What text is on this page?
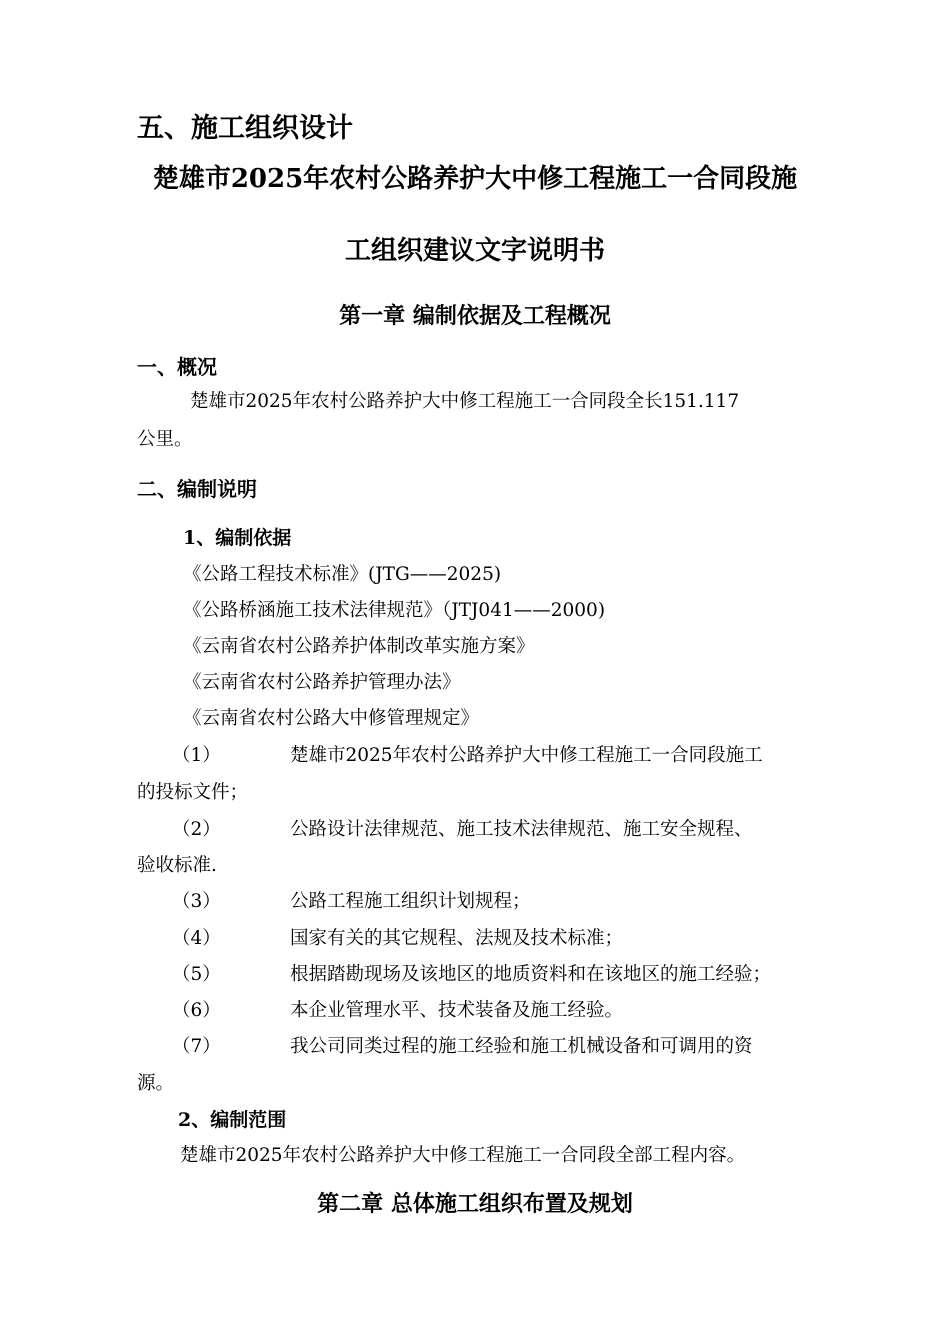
五、施工组织设计
楚雄市2025年农村公路养护大中修工程施工一合同段施
工组织建议文字说明书
第一章 编制依据及工程概况
一、概况
楚雄市2025年农村公路养护大中修工程施工一合同段全长151.117
公里。
二、编制说明
1、编制依据
《公路工程技术标准》(JTG——2025)
《公路桥涵施工技术法律规范》（JTJ041——2000)
《云南省农村公路养护体制改革实施方案》
《云南省农村公路养护管理办法》
《云南省农村公路大中修管理规定》
（1）	楚雄市2025年农村公路养护大中修工程施工一合同段施工
的投标文件；
（2）	公路设计法律规范、施工技术法律规范、施工安全规程、
验收标准.
（3）	公路工程施工组织计划规程；
（4）	国家有关的其它规程、法规及技术标准；
（5）	根据踏勘现场及该地区的地质资料和在该地区的施工经验；
（6）	本企业管理水平、技术装备及施工经验。
（7）	我公司同类过程的施工经验和施工机械设备和可调用的资
源。
2、编制范围
楚雄市2025年农村公路养护大中修工程施工一合同段全部工程内容。
第二章 总体施工组织布置及规划
